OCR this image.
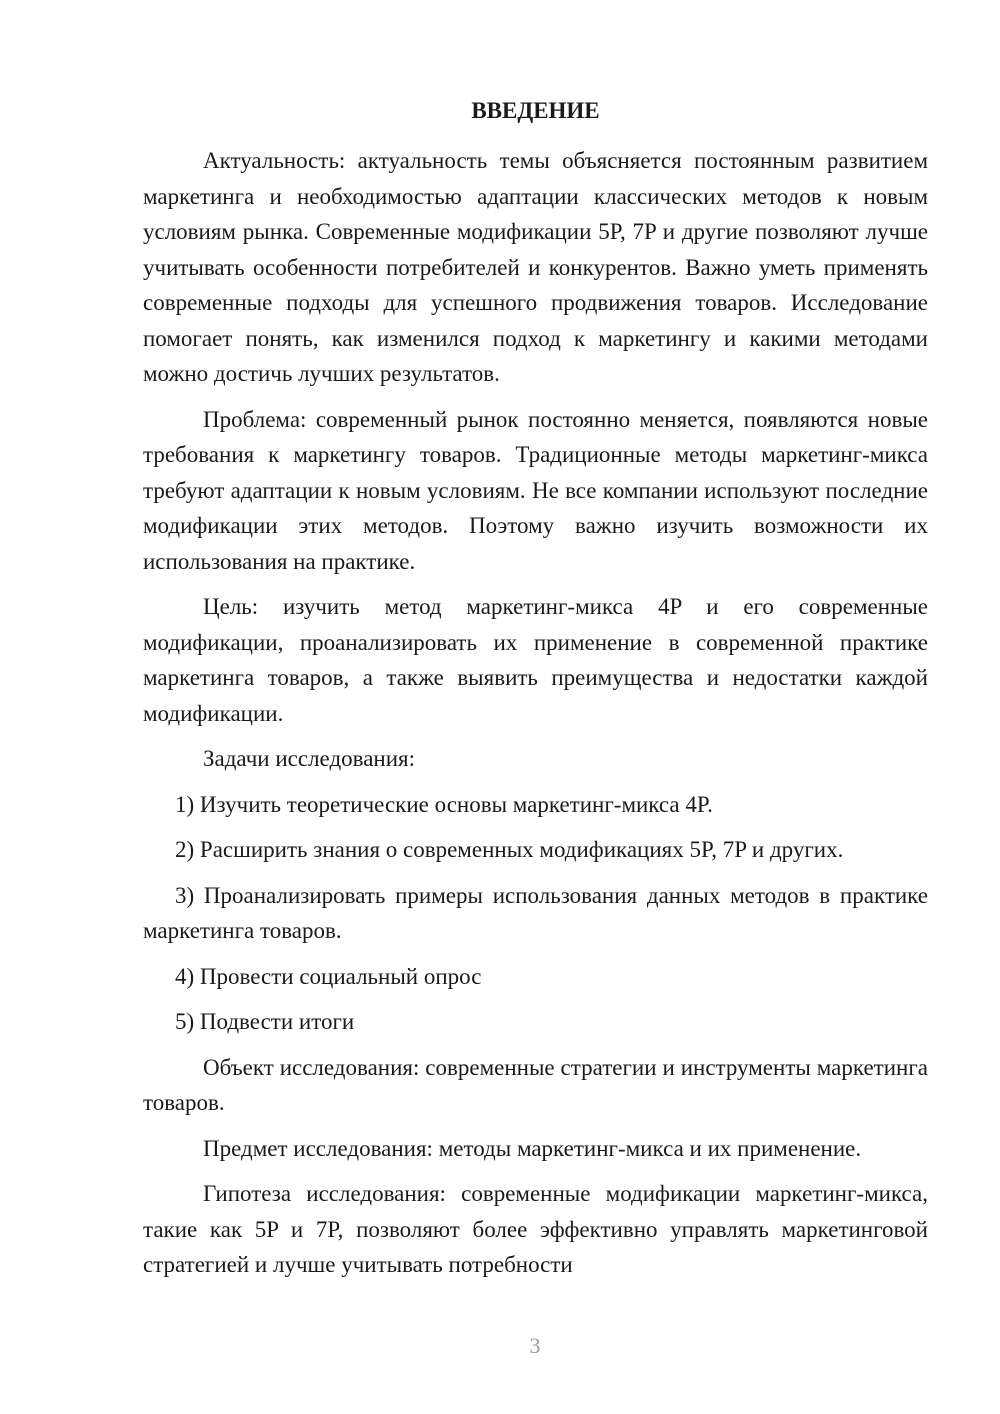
ВВЕДЕНИЕ

Актуальность: актуальность темы объясняется постоянным развитием маркетинга и необходимостью адаптации классических методов к новым условиям рынка. Современные модификации 5P, 7P и другие позволяют лучше учитывать особенности потребителей и конкурентов. Важно уметь применять современные подходы для успешного продвижения товаров. Исследование помогает понять, как изменился подход к маркетингу и какими методами можно достичь лучших результатов.

Проблема: современный рынок постоянно меняется, появляются новые требования к маркетингу товаров. Традиционные методы маркетинг-микса требуют адаптации к новым условиям. Не все компании используют последние модификации этих методов. Поэтому важно изучить возможности их использования на практике.

Цель: изучить метод маркетинг-микса 4P и его современные модификации, проанализировать их применение в современной практике маркетинга товаров, а также выявить преимущества и недостатки каждой модификации.

Задачи исследования:

1) Изучить теоретические основы маркетинг-микса 4P.

2) Расширить знания о современных модификациях 5P, 7P и других.

3) Проанализировать примеры использования данных методов в практике маркетинга товаров.

4) Провести социальный опрос

5) Подвести итоги

Объект исследования: современные стратегии и инструменты маркетинга товаров.

Предмет исследования: методы маркетинг-микса и их применение.

Гипотеза исследования: современные модификации маркетинг-микса, такие как 5P и 7P, позволяют более эффективно управлять маркетинговой стратегией и лучше учитывать потребности

3
